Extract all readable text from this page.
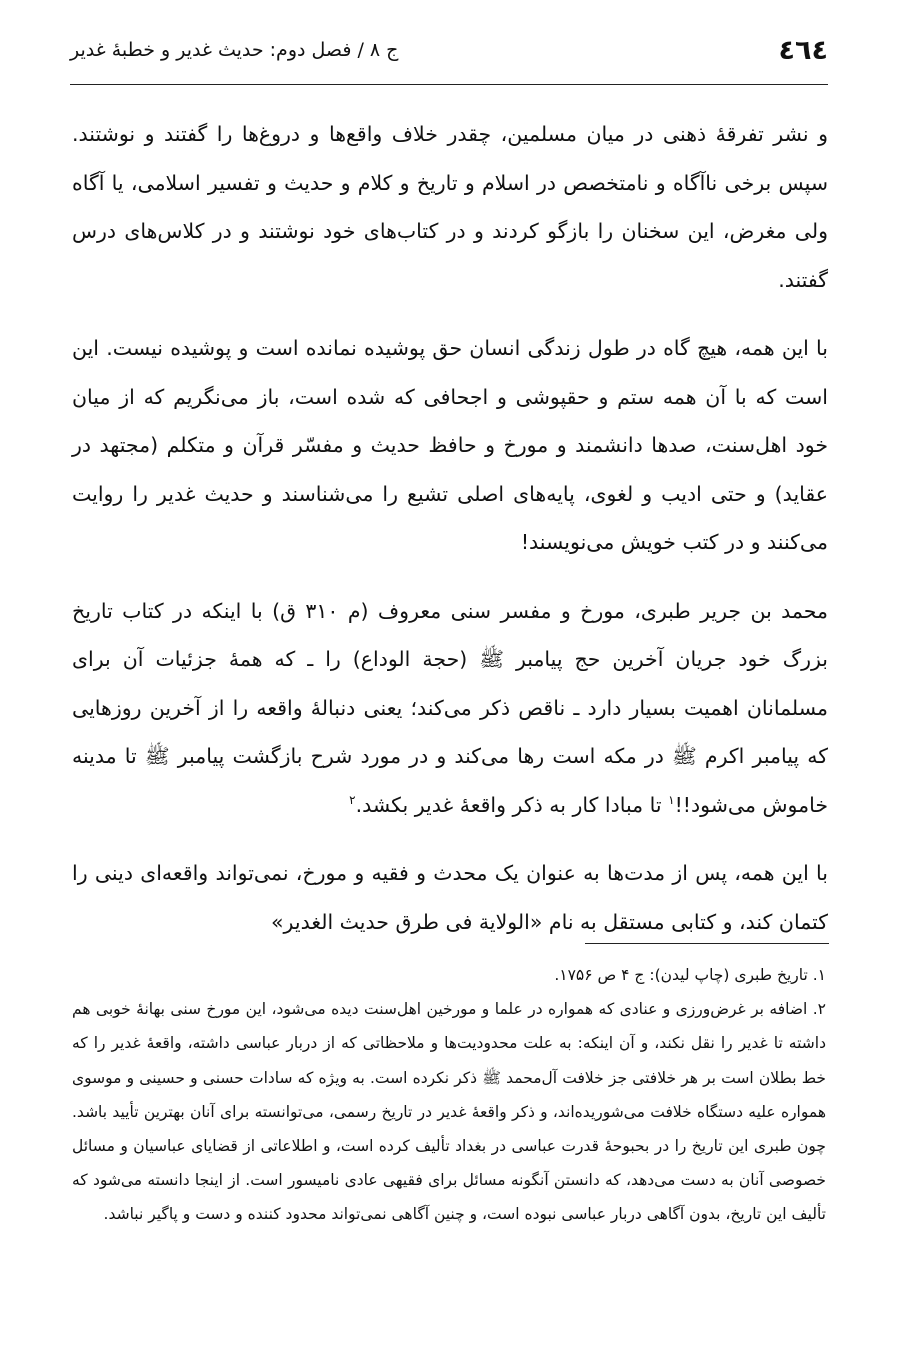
٤٦٤
ج ۸ / فصل دوم: حدیث غدیر و خطبهٔ غدیر

و نشر تفرقهٔ ذهنی در میان مسلمین، چقدر خلاف واقع‌ها و دروغ‌ها را گفتند و نوشتند. سپس برخی ناآگاه و نامتخصص در اسلام و تاریخ و کلام و حدیث و تفسیر اسلامی، یا آگاه ولی مغرض، این سخنان را بازگو کردند و در کتاب‌های خود نوشتند و در کلاس‌های درس گفتند.

با این همه، هیچ گاه در طول زندگی انسان حق پوشیده نمانده است و پوشیده نیست. این است که با آن همه ستم و حقپوشی و اجحافی که شده است، باز می‌نگریم که از میان خود اهل‌سنت، صدها دانشمند و مورخ و حافظ حدیث و مفسّر قرآن و متکلم (مجتهد در عقاید) و حتی ادیب و لغوی، پایه‌های اصلی تشیع را می‌شناسند و حدیث غدیر را روایت می‌کنند و در کتب خویش می‌نویسند!

محمد بن جریر طبری، مورخ و مفسر سنی معروف (م ۳۱۰ ق) با اینکه در کتاب تاریخ بزرگ خود جریان آخرین حج پیامبر ﷺ (حجة الوداع) را ـ که همهٔ جزئیات آن برای مسلمانان اهمیت بسیار دارد ـ ناقص ذکر می‌کند؛ یعنی دنبالهٔ واقعه را از آخرین روزهایی که پیامبر اکرم ﷺ در مکه است رها می‌کند و در مورد شرح بازگشت پیامبر ﷺ تا مدینه خاموش می‌شود!!$^۱$ تا مبادا کار به ذکر واقعهٔ غدیر بکشد.$^۲$

با این همه، پس از مدت‌ها به عنوان یک محدث و فقیه و مورخ، نمی‌تواند واقعه‌ای دینی را کتمان کند، و کتابی مستقل به نام «الولایة فی طرق حدیث الغدیر»

۱. تاریخ طبری (چاپ لیدن): ج ۴ ص ۱۷۵۶.

۲. اضافه بر غرض‌ورزی و عنادی که همواره در علما و مورخین اهل‌سنت دیده می‌شود، این مورخ سنی بهانهٔ خوبی هم داشته تا غدیر را نقل نکند، و آن اینکه: به علت محدودیت‌ها و ملاحظاتی که از دربار عباسی داشته، واقعهٔ غدیر را که خط بطلان است بر هر خلافتی جز خلافت آل‌محمد ﷺ ذکر نکرده است. به ویژه که سادات حسنی و حسینی و موسوی همواره علیه دستگاه خلافت می‌شوریده‌اند، و ذکر واقعهٔ غدیر در تاریخ رسمی، می‌توانسته برای آنان بهترین تأیید باشد. چون طبری این تاریخ را در بحبوحهٔ قدرت عباسی در بغداد تألیف کرده است، و اطلاعاتی از قضایای عباسیان و مسائل خصوصی آنان به دست می‌دهد، که دانستن آنگونه مسائل برای فقیهی عادی نامیسور است. از اینجا دانسته می‌شود که تألیف این تاریخ، بدون آگاهی دربار عباسی نبوده است، و چنین آگاهی نمی‌تواند محدود کننده و دست و پاگیر نباشد.
